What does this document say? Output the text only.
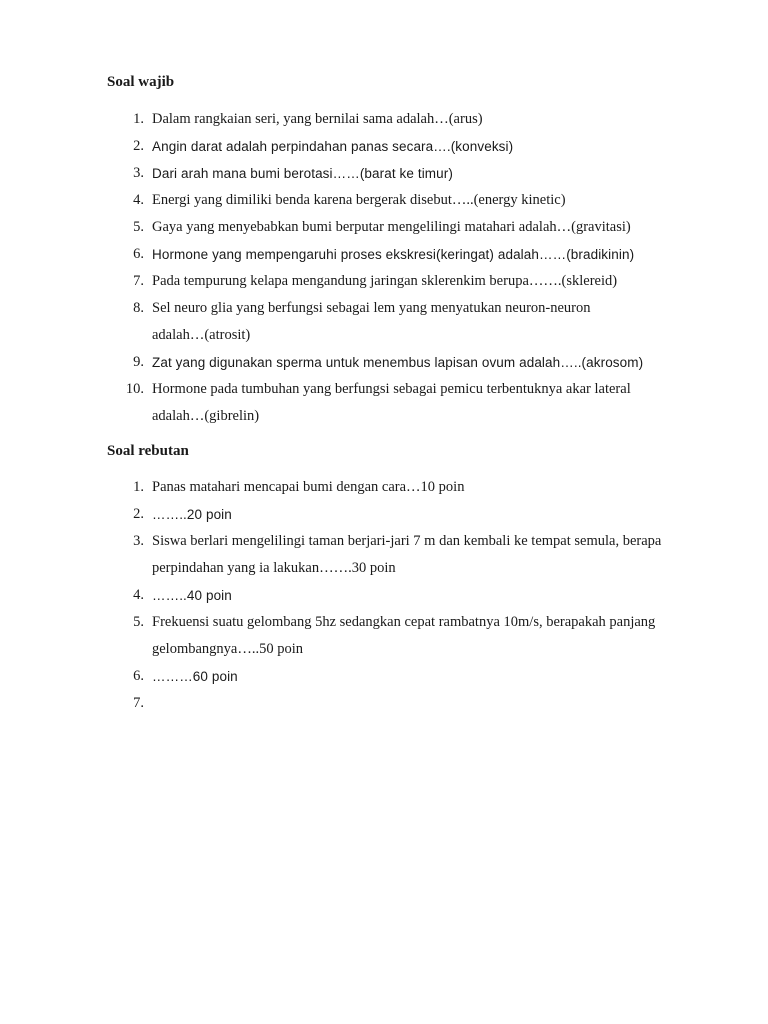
Soal wajib
1. Dalam rangkaian seri, yang bernilai sama adalah…(arus)
2. Angin darat adalah perpindahan panas secara….(konveksi)
3. Dari arah mana bumi berotasi……(barat ke timur)
4. Energi yang dimiliki benda karena bergerak disebut…..(energy kinetic)
5. Gaya yang menyebabkan bumi berputar mengelilingi matahari adalah…(gravitasi)
6. Hormone yang mempengaruhi proses ekskresi(keringat) adalah……(bradikinin)
7. Pada tempurung kelapa mengandung jaringan sklerenkim berupa…….(sklereid)
8. Sel neuro glia yang berfungsi sebagai lem yang menyatukan neuron-neuron adalah…(atrosit)
9. Zat yang digunakan sperma untuk menembus lapisan ovum adalah…..(akrosom)
10. Hormone pada tumbuhan yang berfungsi sebagai pemicu terbentuknya akar lateral adalah…(gibrelin)
Soal rebutan
1. Panas matahari mencapai bumi dengan cara…10 poin
2. ……..20 poin
3. Siswa berlari mengelilingi taman berjari-jari 7 m dan kembali ke tempat semula, berapa perpindahan yang ia lakukan…….30 poin
4. ……..40 poin
5. Frekuensi suatu gelombang 5hz sedangkan cepat rambatnya 10m/s, berapakah panjang gelombangnya…..50 poin
6. ………60 poin
7.
